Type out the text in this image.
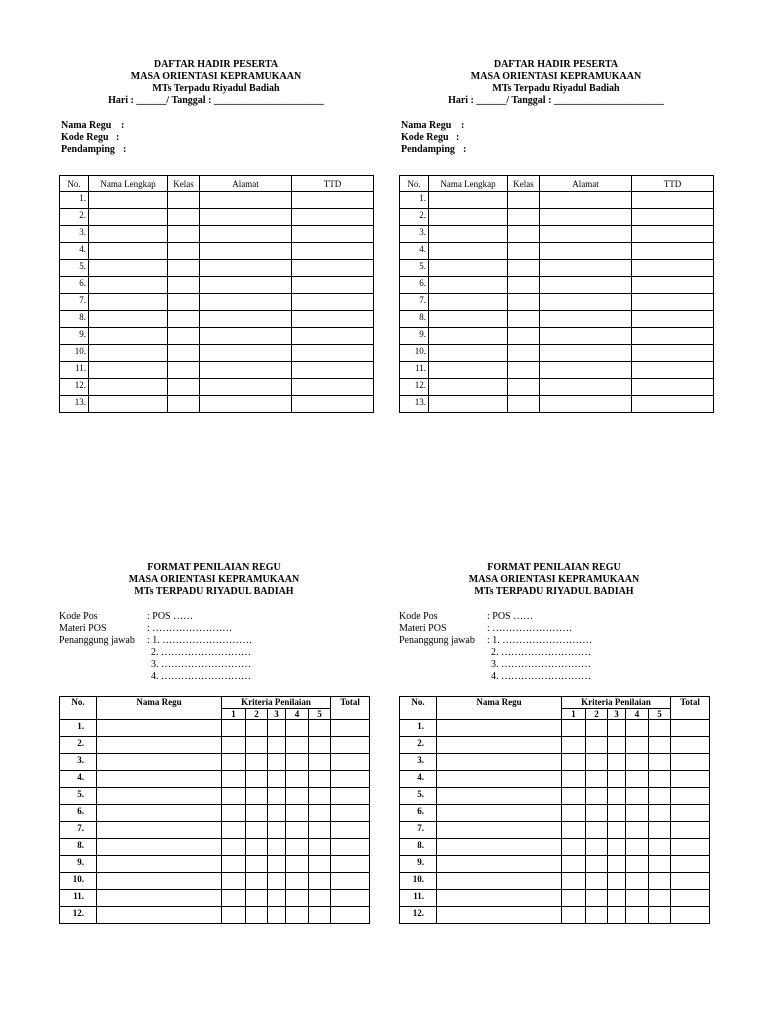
DAFTAR HADIR PESERTA
MASA ORIENTASI KEPRAMUKAAN
MTs Terpadu Riyadul Badiah
Hari : ______/ Tanggal : ______________________
Nama Regu :
Kode Regu :
Pendamping :
No.	Nama Lengkap	Kelas	Alamat	TTD
1.				
2.				
3.				
4.				
5.				
6.				
7.				
8.				
9.				
10.				
11.				
12.				
13.				
DAFTAR HADIR PESERTA
MASA ORIENTASI KEPRAMUKAAN
MTs Terpadu Riyadul Badiah
Hari : ______/ Tanggal : ______________________
Nama Regu :
Kode Regu :
Pendamping :
No.	Nama Lengkap	Kelas	Alamat	TTD
1.				
2.				
3.				
4.				
5.				
6.				
7.				
8.				
9.				
10.				
11.				
12.				
13.				
FORMAT PENILAIAN REGU
MASA ORIENTASI KEPRAMUKAAN
MTs TERPADU RIYADUL BADIAH
Kode Pos	: POS ……
Materi POS	: ……………………
Penanggung jawab : 1. ………………………
2. ………………………
3. ………………………
4. ………………………
No.	Nama Regu	Kriteria Penilaian					Total
		1	2	3	4	5	
1.							
2.							
3.							
4.							
5.							
6.							
7.							
8.							
9.							
10.							
11.							
12.							
FORMAT PENILAIAN REGU
MASA ORIENTASI KEPRAMUKAAN
MTs TERPADU RIYADUL BADIAH
Kode Pos	: POS ……
Materi POS	: ……………………
Penanggung jawab : 1. ………………………
2. ………………………
3. ………………………
4. ………………………
No.	Nama Regu	Kriteria Penilaian					Total
		1	2	3	4	5	
1.							
2.							
3.							
4.							
5.							
6.							
7.							
8.							
9.							
10.							
11.							
12.							
